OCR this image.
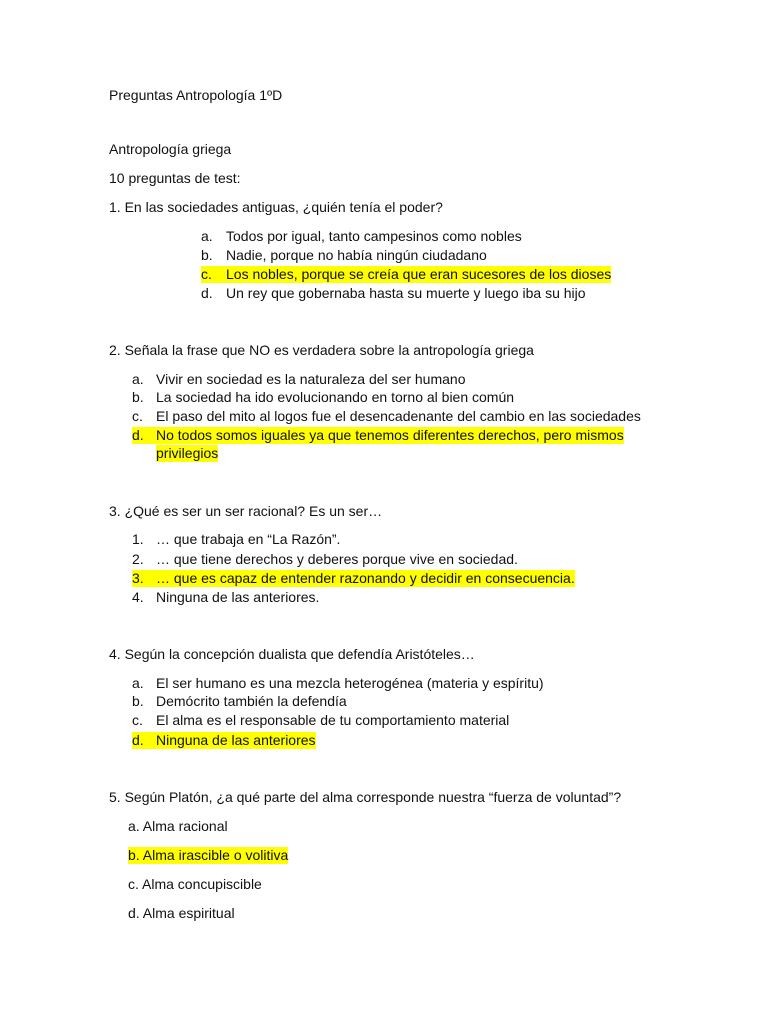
Preguntas Antropología 1ºD
Antropología griega
10 preguntas de test:
1. En las sociedades antiguas, ¿quién tenía el poder?
a. Todos por igual, tanto campesinos como nobles
b. Nadie, porque no había ningún ciudadano
c.	Los nobles, porque se creía que eran sucesores de los dioses
d. Un rey que gobernaba hasta su muerte y luego iba su hijo
2. Señala la frase que NO es verdadera sobre la antropología griega
a. Vivir en sociedad es la naturaleza del ser humano
b. La sociedad ha ido evolucionando en torno al bien común
c. El paso del mito al logos fue el desencadenante del cambio en las sociedades
d. No todos somos iguales ya que tenemos diferentes derechos, pero mismos
privilegios
3. ¿Qué es ser un ser racional? Es un ser…
1. … que trabaja en “La Razón”.
2. … que tiene derechos y deberes porque vive en sociedad.
3. … que es capaz de entender razonando y decidir en consecuencia.
4. Ninguna de las anteriores.
4. Según la concepción dualista que defendía Aristóteles…
a. El ser humano es una mezcla heterogénea (materia y espíritu)
b. Demócrito también la defendía
c. El alma es el responsable de tu comportamiento material
d. Ninguna de las anteriores
5. Según Platón, ¿a qué parte del alma corresponde nuestra “fuerza de voluntad”?
a. Alma racional
b. Alma irascible o volitiva
c. Alma concupiscible
d. Alma espiritual
